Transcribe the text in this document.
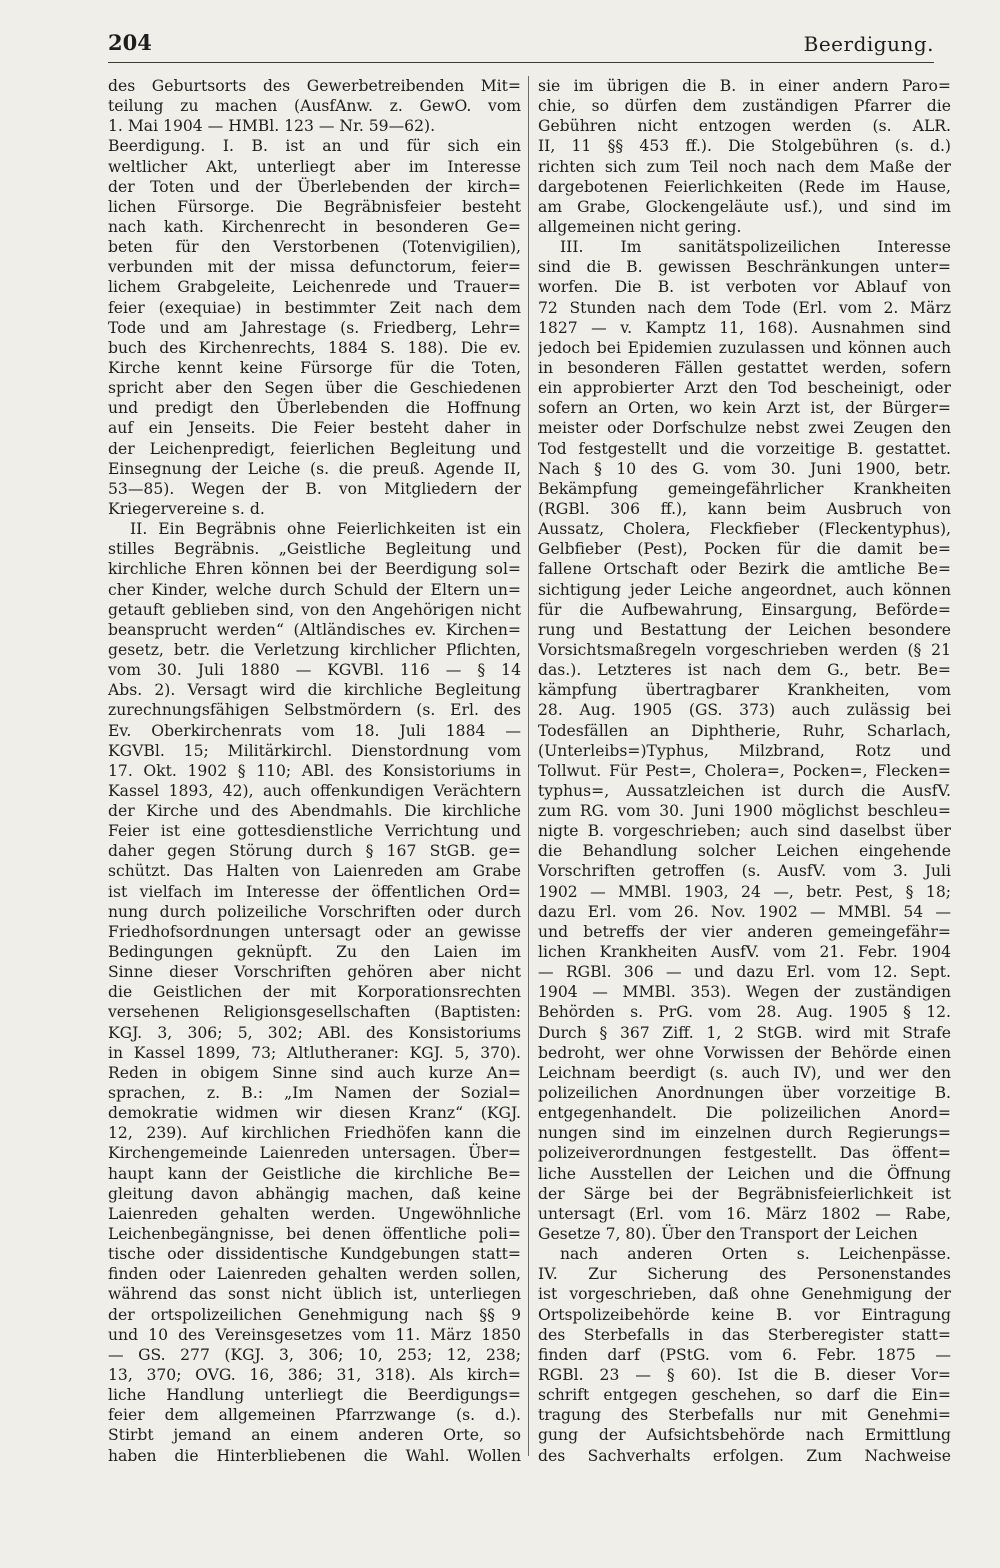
204	Beerdigung.
des Geburtsorts des Gewerbetreibenden Mit=
teilung zu machen (AusfAnw. z. GewO. vom
1. Mai 1904 — HMBl. 123 — Nr. 59—62).
Beerdigung. I. B. ist an und für sich ein
weltlicher Akt, unterliegt aber im Interesse
der Toten und der Überlebenden der kirch=
lichen Fürsorge. Die Begräbnisfeier besteht
nach kath. Kirchenrecht in besonderen Ge=
beten für den Verstorbenen (Totenvigilien),
verbunden mit der missa defunctorum, feier=
lichem Grabgeleite, Leichenrede und Trauer=
feier (exequiae) in bestimmter Zeit nach dem
Tode und am Jahrestage (s. Friedberg, Lehr=
buch des Kirchenrechts, 1884 S. 188). Die ev.
Kirche kennt keine Fürsorge für die Toten,
spricht aber den Segen über die Geschiedenen
und predigt den Überlebenden die Hoffnung
auf ein Jenseits. Die Feier besteht daher in
der Leichenpredigt, feierlichen Begleitung und
Einsegnung der Leiche (s. die preuß. Agende II,
53—85). Wegen der B. von Mitgliedern der
Kriegervereine s. d.
II. Ein Begräbnis ohne Feierlichkeiten ist ein
stilles Begräbnis. „Geistliche Begleitung und
kirchliche Ehren können bei der Beerdigung sol=
cher Kinder, welche durch Schuld der Eltern un=
getauft geblieben sind, von den Angehörigen nicht
beansprucht werden“ (Altländisches ev. Kirchen=
gesetz, betr. die Verletzung kirchlicher Pflichten,
vom 30. Juli 1880 — KGVBl. 116 — § 14
Abs. 2). Versagt wird die kirchliche Begleitung
zurechnungsfähigen Selbstmördern (s. Erl. des
Ev. Oberkirchenrats vom 18. Juli 1884 —
KGVBl. 15; Militärkirchl. Dienstordnung vom
17. Okt. 1902 § 110; ABl. des Konsistoriums in
Kassel 1893, 42), auch offenkundigen Verächtern
der Kirche und des Abendmahls. Die kirchliche
Feier ist eine gottesdienstliche Verrichtung und
daher gegen Störung durch § 167 StGB. ge=
schützt. Das Halten von Laienreden am Grabe
ist vielfach im Interesse der öffentlichen Ord=
nung durch polizeiliche Vorschriften oder durch
Friedhofsordnungen untersagt oder an gewisse
Bedingungen geknüpft. Zu den Laien im
Sinne dieser Vorschriften gehören aber nicht
die Geistlichen der mit Korporationsrechten
versehenen Religionsgesellschaften (Baptisten:
KGJ. 3, 306; 5, 302; ABl. des Konsistoriums
in Kassel 1899, 73; Altlutheraner: KGJ. 5, 370).
Reden in obigem Sinne sind auch kurze An=
sprachen, z. B.: „Im Namen der Sozial=
demokratie widmen wir diesen Kranz“ (KGJ.
12, 239). Auf kirchlichen Friedhöfen kann die
Kirchengemeinde Laienreden untersagen. Über=
haupt kann der Geistliche die kirchliche Be=
gleitung davon abhängig machen, daß keine
Laienreden gehalten werden. Ungewöhnliche
Leichenbegängnisse, bei denen öffentliche poli=
tische oder dissidentische Kundgebungen statt=
finden oder Laienreden gehalten werden sollen,
während das sonst nicht üblich ist, unterliegen
der ortspolizeilichen Genehmigung nach §§ 9
und 10 des Vereinsgesetzes vom 11. März 1850
— GS. 277 (KGJ. 3, 306; 10, 253; 12, 238;
13, 370; OVG. 16, 386; 31, 318). Als kirch=
liche Handlung unterliegt die Beerdigungs=
feier dem allgemeinen Pfarrzwange (s. d.).
Stirbt jemand an einem anderen Orte, so
haben die Hinterbliebenen die Wahl. Wollen
sie im übrigen die B. in einer andern Paro=
chie, so dürfen dem zuständigen Pfarrer die
Gebühren nicht entzogen werden (s. ALR.
II, 11 §§ 453 ff.). Die Stolgebühren (s. d.)
richten sich zum Teil noch nach dem Maße der
dargebotenen Feierlichkeiten (Rede im Hause,
am Grabe, Glockengeläute usf.), und sind im
allgemeinen nicht gering.
III. Im sanitätspolizeilichen Interesse
sind die B. gewissen Beschränkungen unter=
worfen. Die B. ist verboten vor Ablauf von
72 Stunden nach dem Tode (Erl. vom 2. März
1827 — v. Kamptz 11, 168). Ausnahmen sind
jedoch bei Epidemien zuzulassen und können auch
in besonderen Fällen gestattet werden, sofern
ein approbierter Arzt den Tod bescheinigt, oder
sofern an Orten, wo kein Arzt ist, der Bürger=
meister oder Dorfschulze nebst zwei Zeugen den
Tod festgestellt und die vorzeitige B. gestattet.
Nach § 10 des G. vom 30. Juni 1900, betr.
Bekämpfung gemeingefährlicher Krankheiten
(RGBl. 306 ff.), kann beim Ausbruch von
Aussatz, Cholera, Fleckfieber (Fleckentyphus),
Gelbfieber (Pest), Pocken für die damit be=
fallene Ortschaft oder Bezirk die amtliche Be=
sichtigung jeder Leiche angeordnet, auch können
für die Aufbewahrung, Einsargung, Beförde=
rung und Bestattung der Leichen besondere
Vorsichtsmaßregeln vorgeschrieben werden (§ 21
das.). Letzteres ist nach dem G., betr. Be=
kämpfung übertragbarer Krankheiten, vom
28. Aug. 1905 (GS. 373) auch zulässig bei
Todesfällen an Diphtherie, Ruhr, Scharlach,
(Unterleibs=)Typhus, Milzbrand, Rotz und
Tollwut. Für Pest=, Cholera=, Pocken=, Flecken=
typhus=, Aussatzleichen ist durch die AusfV.
zum RG. vom 30. Juni 1900 möglichst beschleu=
nigte B. vorgeschrieben; auch sind daselbst über
die Behandlung solcher Leichen eingehende
Vorschriften getroffen (s. AusfV. vom 3. Juli
1902 — MMBl. 1903, 24 —, betr. Pest, § 18;
dazu Erl. vom 26. Nov. 1902 — MMBl. 54 —
und betreffs der vier anderen gemeingefähr=
lichen Krankheiten AusfV. vom 21. Febr. 1904
— RGBl. 306 — und dazu Erl. vom 12. Sept.
1904 — MMBl. 353). Wegen der zuständigen
Behörden s. PrG. vom 28. Aug. 1905 § 12.
Durch § 367 Ziff. 1, 2 StGB. wird mit Strafe
bedroht, wer ohne Vorwissen der Behörde einen
Leichnam beerdigt (s. auch IV), und wer den
polizeilichen Anordnungen über vorzeitige B.
entgegenhandelt. Die polizeilichen Anord=
nungen sind im einzelnen durch Regierungs=
polizeiverordnungen festgestellt. Das öffent=
liche Ausstellen der Leichen und die Öffnung
der Särge bei der Begräbnisfeierlichkeit ist
untersagt (Erl. vom 16. März 1802 — Rabe,
Gesetze 7, 80). Über den Transport der Leichen
nach anderen Orten s. Leichenpässe.
IV. Zur Sicherung des Personenstandes
ist vorgeschrieben, daß ohne Genehmigung der
Ortspolizeibehörde keine B. vor Eintragung
des Sterbefalls in das Sterberegister statt=
finden darf (PStG. vom 6. Febr. 1875 —
RGBl. 23 — § 60). Ist die B. dieser Vor=
schrift entgegen geschehen, so darf die Ein=
tragung des Sterbefalls nur mit Genehmi=
gung der Aufsichtsbehörde nach Ermittlung
des Sachverhalts erfolgen. Zum Nachweise
